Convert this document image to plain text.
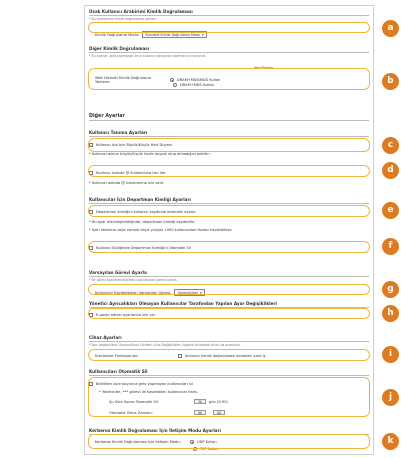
Uzak Kullanıcı Arabirimi Kimlik Doğrulaması
* Bu ayarlanırsa Kimlik doğrulaması gerekir.
Kimlik Doğrulama Modu: Standart Kimlik Doğrulama Modu ▾
Diğer Kimlik Doğrulaması
* Bu ayarlar, giriş yapmadan önce kullanıcı adı/parola istemek için kullanılır.
Yeni Ekleme
Web Hizmeti Kimlik Doğrulama Yöntemi:	DRAM+MDS/MDS Kullan
DRAM+MDS Kullan
Diğer Ayarlar
Kullanıcı Tanıma Ayarları
Kullanıcı Adı İçin Büyük/Küçük Harf Duyarlı
* Kullanıcı adının büyük/küçük harfe duyarlı olup olmadığını belirtin.
Kullanıcı Adında @ Kullanımına İzin Ver
* Kullanıcı adında @ kullanımına izin verir.
Kullanıcılar İçin Departman Kimliği Ayarları
Departman kimliğini kullanıcı kaydında otomatik ayarla
* Bu ayar etkinleştirildiğinde, departman kimliği kaydedilir.
* İçeri aktarma veya normal kayıt yoluyla 1000 kullanıcıdan fazlası kaydedilirse
Kullanıcı Sildiğinde Departman Kimliğini Otomatik Sil
Varsayılan Görevi Ayarla
* Bir görev ayarlanmadığında uygulanacak görevi ayarla.
Kullanıcıyı Kaydederken Varsayılan Görevi: GeneralUser ▾
Yönetici Ayrıcalıkları Olmayan Kullanıcılar Tarafından Yapılan Ayar Değişiklikleri
E-posta adresi ayarlarına izin ver
Cihaz Ayarları
* Aynı değişiklikleri Ayarlar/Kayıt Girdileri (Ana Değişiklikler) Aygıtıdı tıklatarak cihazı da ayarlayın.
Kısıtlamalı Fonksiyonlar:	Kullanıcı kimlik doğrulaması olmadan uzak iş
Kullanıcıları Otomatik Sil
Belirtilen süre boyunca giriş yapmayan kullanıcıları sil
* Yöneticiler, *** görevi ile kaydedilen kullanıcılar hariç.
Şu Süre Sonra Otomatik Sil:	30	gün (0-90)
Otomatik Silme Zamanı:	00	:	00
Kerberos Kimlik Doğrulaması İçin İletişim Modu Ayarları
Kerberos Kimlik Doğrulaması İçin İletişim Modu:	UDP Kullan
TCP Kullan
a
b
c
d
e
f
g
h
i
j
k
